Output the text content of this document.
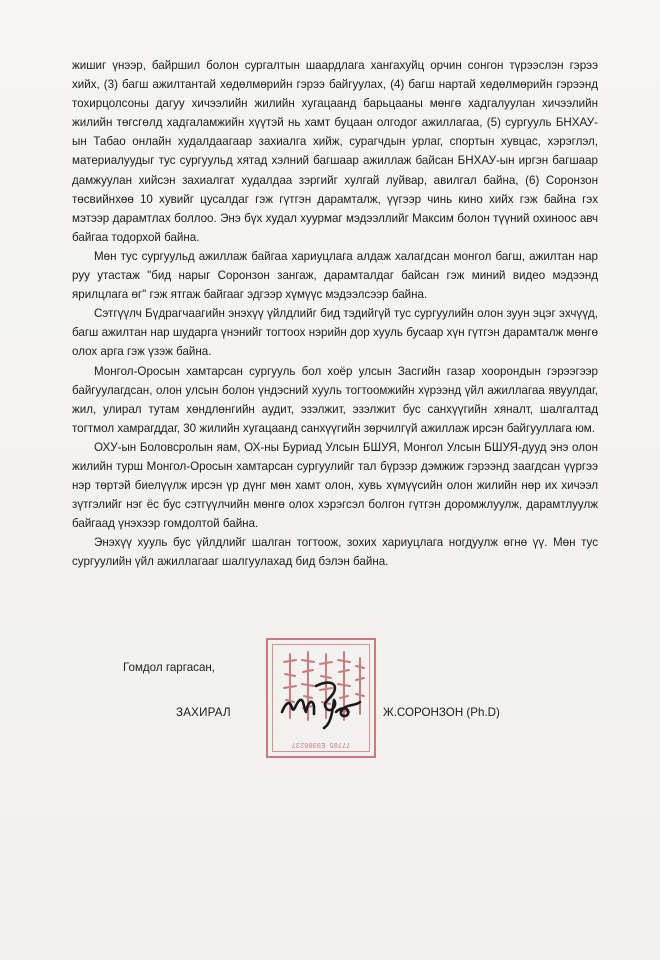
жишиг үнээр, байршил болон сургалтын шаардлага хангахуйц орчин сонгон түрээслэн гэрээ хийх, (3) багш ажилтантай хөдөлмөрийн гэрээ байгуулах, (4) багш нартай хөдөлмөрийн гэрээнд тохирцолсоны дагуу хичээлийн жилийн хугацаанд барьцааны мөнгө хадгалуулан хичээлийн жилийн төгсгөлд хадгаламжийн хүүтэй нь хамт буцаан олгодог ажиллагаа, (5) сургууль БНХАУ-ын Табао онлайн худалдаагаар захиалга хийж, сурагчдын урлаг, спортын хувцас, хэрэглэл, материалуудыг тус сургуульд хятад хэлний багшаар ажиллаж байсан БНХАУ-ын иргэн багшаар дамжуулан хийсэн захиалгат худалдаа зэргийг хулгай луйвар, авилгал байна, (6) Соронзон төсвийнхөө 10 хувийг цусалдаг гэж гүтгэн дарамталж, үүгээр чинь кино хийх гэж байна гэх мэтээр дарамтлах боллоо. Энэ бүх худал хуурмаг мэдээллийг Максим болон түүний охиноос авч байгаа тодорхой байна.

Мөн тус сургуульд ажиллаж байгаа хариуцлага алдаж халагдсан монгол багш, ажилтан нар руу утастаж "бид нарыг Соронзон зангаж, дарамталдаг байсан гэж миний видео мэдээнд ярилцлага өг" гэж ятгаж байгааг эдгээр хүмүүс мэдээлсээр байна.

Сэтгүүлч Бүдрагчаагийн энэхүү үйлдлийг бид тэдийгүй тус сургуулийн олон зуун эцэг эхчүүд, багш ажилтан нар шударга үнэнийг тогтоох нэрийн дор хууль бусаар хүн гүтгэн дарамталж мөнгө олох арга гэж үзэж байна.

Монгол-Оросын хамтарсан сургууль бол хоёр улсын Засгийн газар хоорондын гэрээгээр байгуулагдсан, олон улсын болон үндэсний хууль тогтоомжийн хүрээнд үйл ажиллагаа явуулдаг, жил, улирал тутам хөндлөнгийн аудит, эзэлжит, эзэлжит бус санхүүгийн хяналт, шалгалтад тогтмол хамрагддаг, 30 жилийн хугацаанд санхүүгийн зөрчилгүй ажиллаж ирсэн байгууллага юм.

ОХУ-ын Боловсролын яам, ОХ-ны Буриад Улсын БШУЯ, Монгол Улсын БШУЯ-дууд энэ олон жилийн турш Монгол-Оросын хамтарсан сургуулийг тал бүрээр дэмжиж гэрээнд заагдсан үүргээ нэр төртэй биелүүлж ирсэн үр дүнг мөн хамт олон, хувь хүмүүсийн олон жилийн нөр их хичээл зүтгэлийг нэг ёс бус сэтгүүлчийн мөнгө олох хэрэгсэл болгон гүтгэн доромжлуулж, дарамтлуулж байгаад үнэхээр гомдолтой байна.

Энэхүү хууль бус үйлдлийг шалган тогтоож, зохих хариуцлага ногдуулж өгнө үү. Мөн тус сургуулийн үйл ажиллагааг шалгуулахад бид бэлэн байна.

Гомдол гаргасан,
77705 E9306237
ЗАХИРАЛ	Ж.СОРОНЗОН (Ph.D)
